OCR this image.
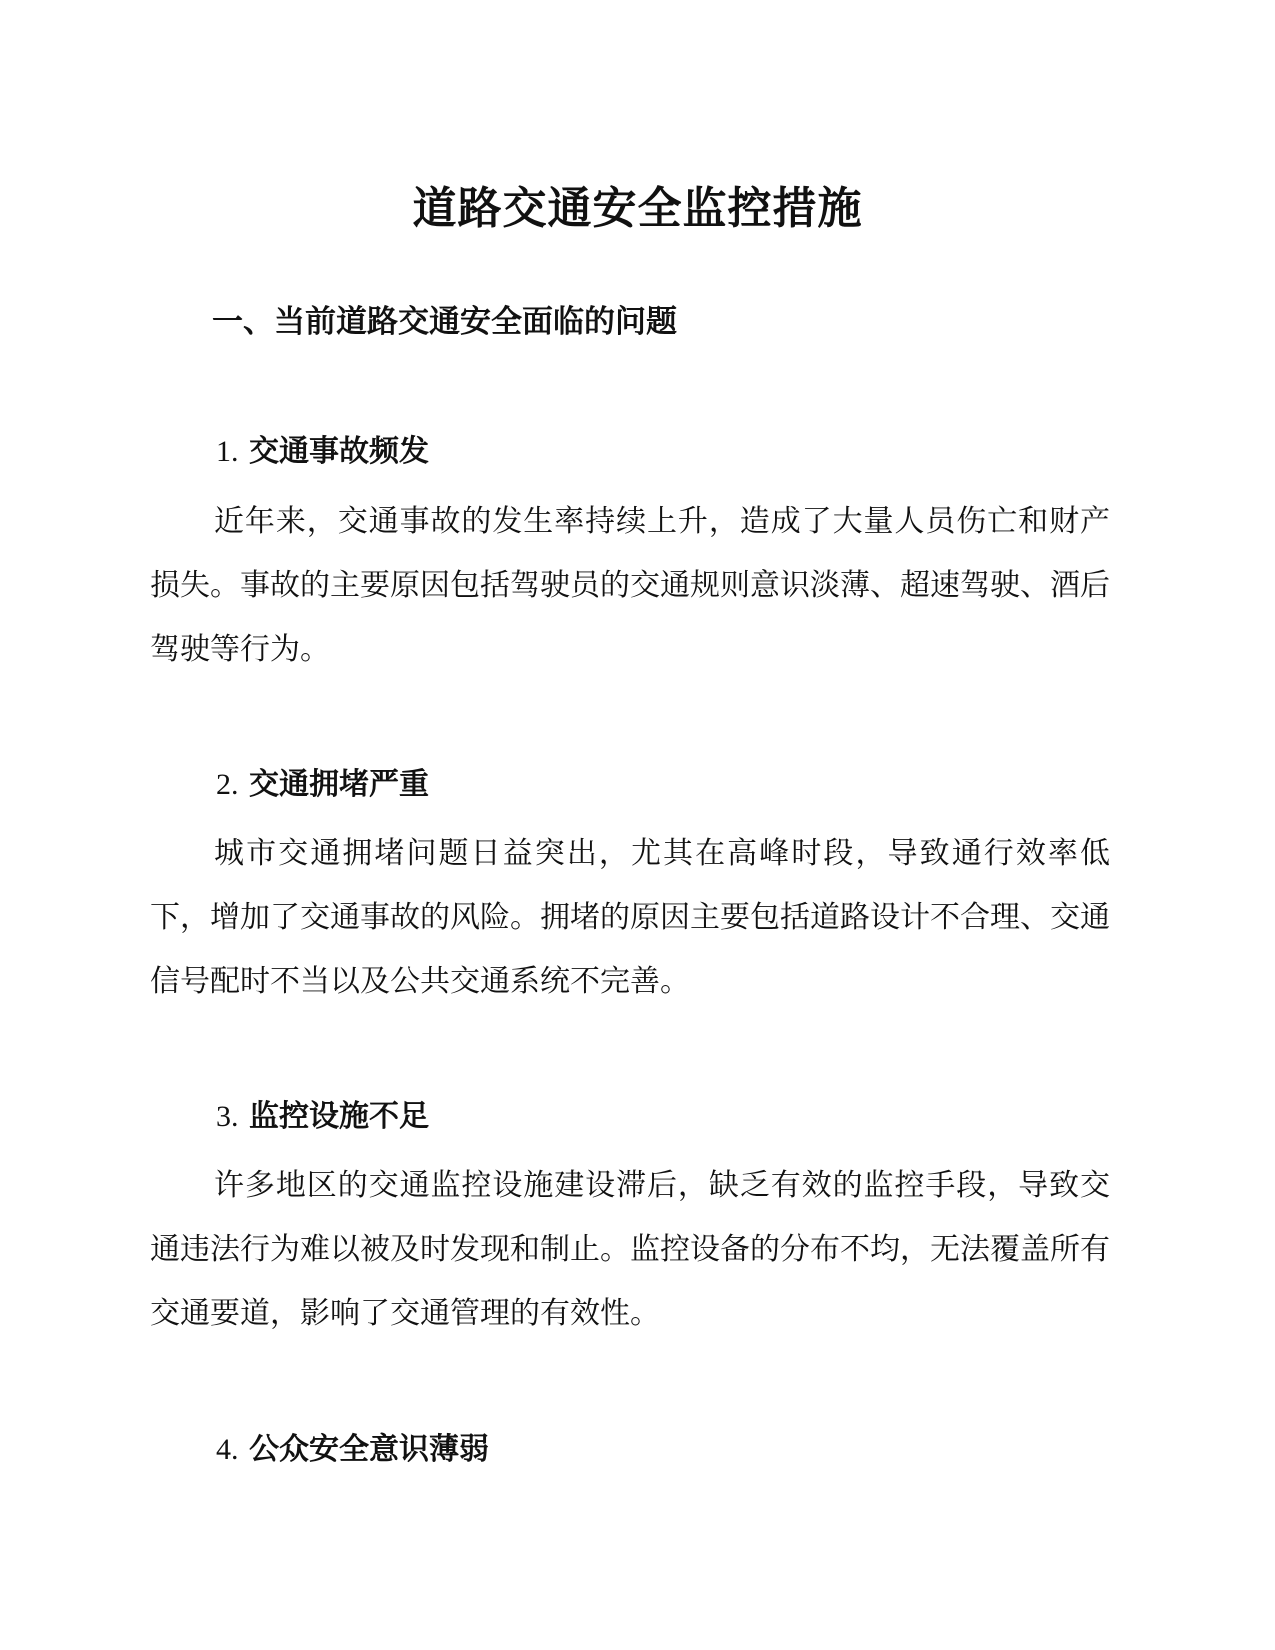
道路交通安全监控措施
一、当前道路交通安全面临的问题
1. 交通事故频发

近年来，交通事故的发生率持续上升，造成了大量人员伤亡和财产损失。事故的主要原因包括驾驶员的交通规则意识淡薄、超速驾驶、酒后驾驶等行为。

2. 交通拥堵严重

城市交通拥堵问题日益突出，尤其在高峰时段，导致通行效率低下，增加了交通事故的风险。拥堵的原因主要包括道路设计不合理、交通信号配时不当以及公共交通系统不完善。

3. 监控设施不足

许多地区的交通监控设施建设滞后，缺乏有效的监控手段，导致交通违法行为难以被及时发现和制止。监控设备的分布不均，无法覆盖所有交通要道，影响了交通管理的有效性。

4. 公众安全意识薄弱
